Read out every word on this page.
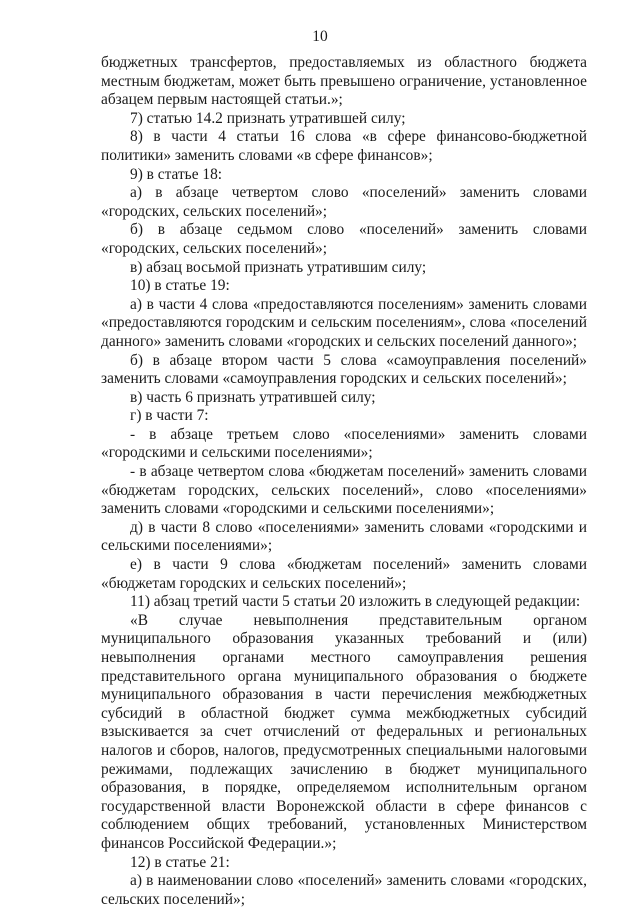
10

бюджетных трансфертов, предоставляемых из областного бюджета местным бюджетам, может быть превышено ограничение, установленное абзацем первым настоящей статьи.»;

7) статью 14.2 признать утратившей силу;

8) в части 4 статьи 16 слова «в сфере финансово-бюджетной политики» заменить словами «в сфере финансов»;

9) в статье 18:

а) в абзаце четвертом слово «поселений» заменить словами «городских, сельских поселений»;

б) в абзаце седьмом слово «поселений» заменить словами «городских, сельских поселений»;

в) абзац восьмой признать утратившим силу;

10) в статье 19:

а) в части 4 слова «предоставляются поселениям» заменить словами «предоставляются городским и сельским поселениям», слова «поселений данного» заменить словами «городских и сельских поселений данного»;

б) в абзаце втором части 5 слова «самоуправления поселений» заменить словами «самоуправления городских и сельских поселений»;

в) часть 6 признать утратившей силу;

г) в части 7:

- в абзаце третьем слово «поселениями» заменить словами «городскими и сельскими поселениями»;

- в абзаце четвертом слова «бюджетам поселений» заменить словами «бюджетам городских, сельских поселений», слово «поселениями» заменить словами «городскими и сельскими поселениями»;

д) в части 8 слово «поселениями» заменить словами «городскими и сельскими поселениями»;

е) в части 9 слова «бюджетам поселений» заменить словами «бюджетам городских и сельских поселений»;

11) абзац третий части 5 статьи 20 изложить в следующей редакции:

«В случае невыполнения представительным органом муниципального образования указанных требований и (или) невыполнения органами местного самоуправления решения представительного органа муниципального образования о бюджете муниципального образования в части перечисления межбюджетных субсидий в областной бюджет сумма межбюджетных субсидий взыскивается за счет отчислений от федеральных и региональных налогов и сборов, налогов, предусмотренных специальными налоговыми режимами, подлежащих зачислению в бюджет муниципального образования, в порядке, определяемом исполнительным органом государственной власти Воронежской области в сфере финансов с соблюдением общих требований, установленных Министерством финансов Российской Федерации.»;

12) в статье 21:

а) в наименовании слово «поселений» заменить словами «городских, сельских поселений»;
